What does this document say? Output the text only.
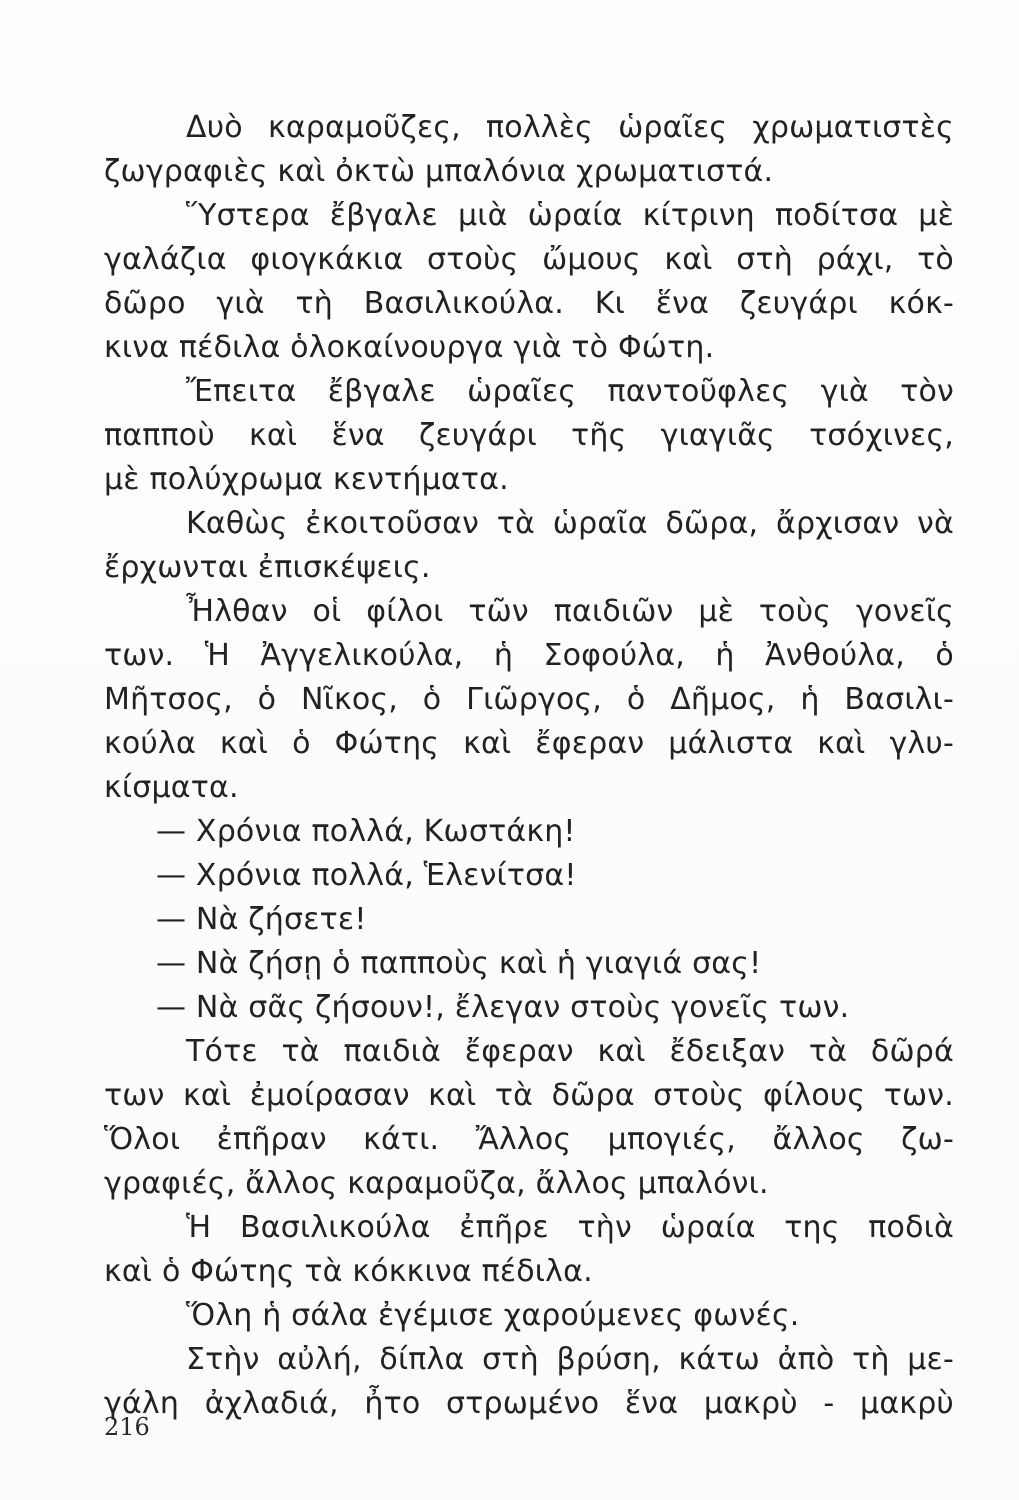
Δυὸ καραμοῦζες, πολλὲς ὡραῖες χρωματιστὲς
ζωγραφιὲς καὶ ὀκτὼ μπαλόνια χρωματιστά.
Ὕστερα ἔβγαλε μιὰ ὡραία κίτρινη ποδίτσα μὲ
γαλάζια φιογκάκια στοὺς ὤμους καὶ στὴ ράχι, τὸ
δῶρο γιὰ τὴ Βασιλικούλα. Κι ἕνα ζευγάρι κόκ-
κινα πέδιλα ὁλοκαίνουργα γιὰ τὸ Φώτη.
Ἔπειτα ἔβγαλε ὡραῖες παντοῦφλες γιὰ τὸν
παπποὺ καὶ ἕνα ζευγάρι τῆς γιαγιᾶς τσόχινες,
μὲ πολύχρωμα κεντήματα.
Καθὼς ἐκοιτοῦσαν τὰ ὡραῖα δῶρα, ἄρχισαν νὰ
ἔρχωνται ἐπισκέψεις.
Ἦλθαν οἱ φίλοι τῶν παιδιῶν μὲ τοὺς γονεῖς
των. Ἡ Ἀγγελικούλα, ἡ Σοφούλα, ἡ Ἀνθούλα, ὁ
Μῆτσος, ὁ Νῖκος, ὁ Γιῶργος, ὁ Δῆμος, ἡ Βασιλι-
κούλα καὶ ὁ Φώτης καὶ ἔφεραν μάλιστα καὶ γλυ-
κίσματα.
— Χρόνια πολλά, Κωστάκη!
— Χρόνια πολλά, Ἑλενίτσα!
— Νὰ ζήσετε!
— Νὰ ζήσῃ ὁ παπποὺς καὶ ἡ γιαγιά σας!
— Νὰ σᾶς ζήσουν!, ἔλεγαν στοὺς γονεῖς των.
Τότε τὰ παιδιὰ ἔφεραν καὶ ἔδειξαν τὰ δῶρά
των καὶ ἐμοίρασαν καὶ τὰ δῶρα στοὺς φίλους των.
Ὅλοι ἐπῆραν κάτι. Ἄλλος μπογιές, ἄλλος ζω-
γραφιές, ἄλλος καραμοῦζα, ἄλλος μπαλόνι.
Ἡ Βασιλικούλα ἐπῆρε τὴν ὡραία της ποδιὰ
καὶ ὁ Φώτης τὰ κόκκινα πέδιλα.
Ὅλη ἡ σάλα ἐγέμισε χαρούμενες φωνές.
Στὴν αὐλή, δίπλα στὴ βρύση, κάτω ἀπὸ τὴ με-
γάλη ἀχλαδιά, ἦτο στρωμένο ἕνα μακρὺ - μακρὺ
216
